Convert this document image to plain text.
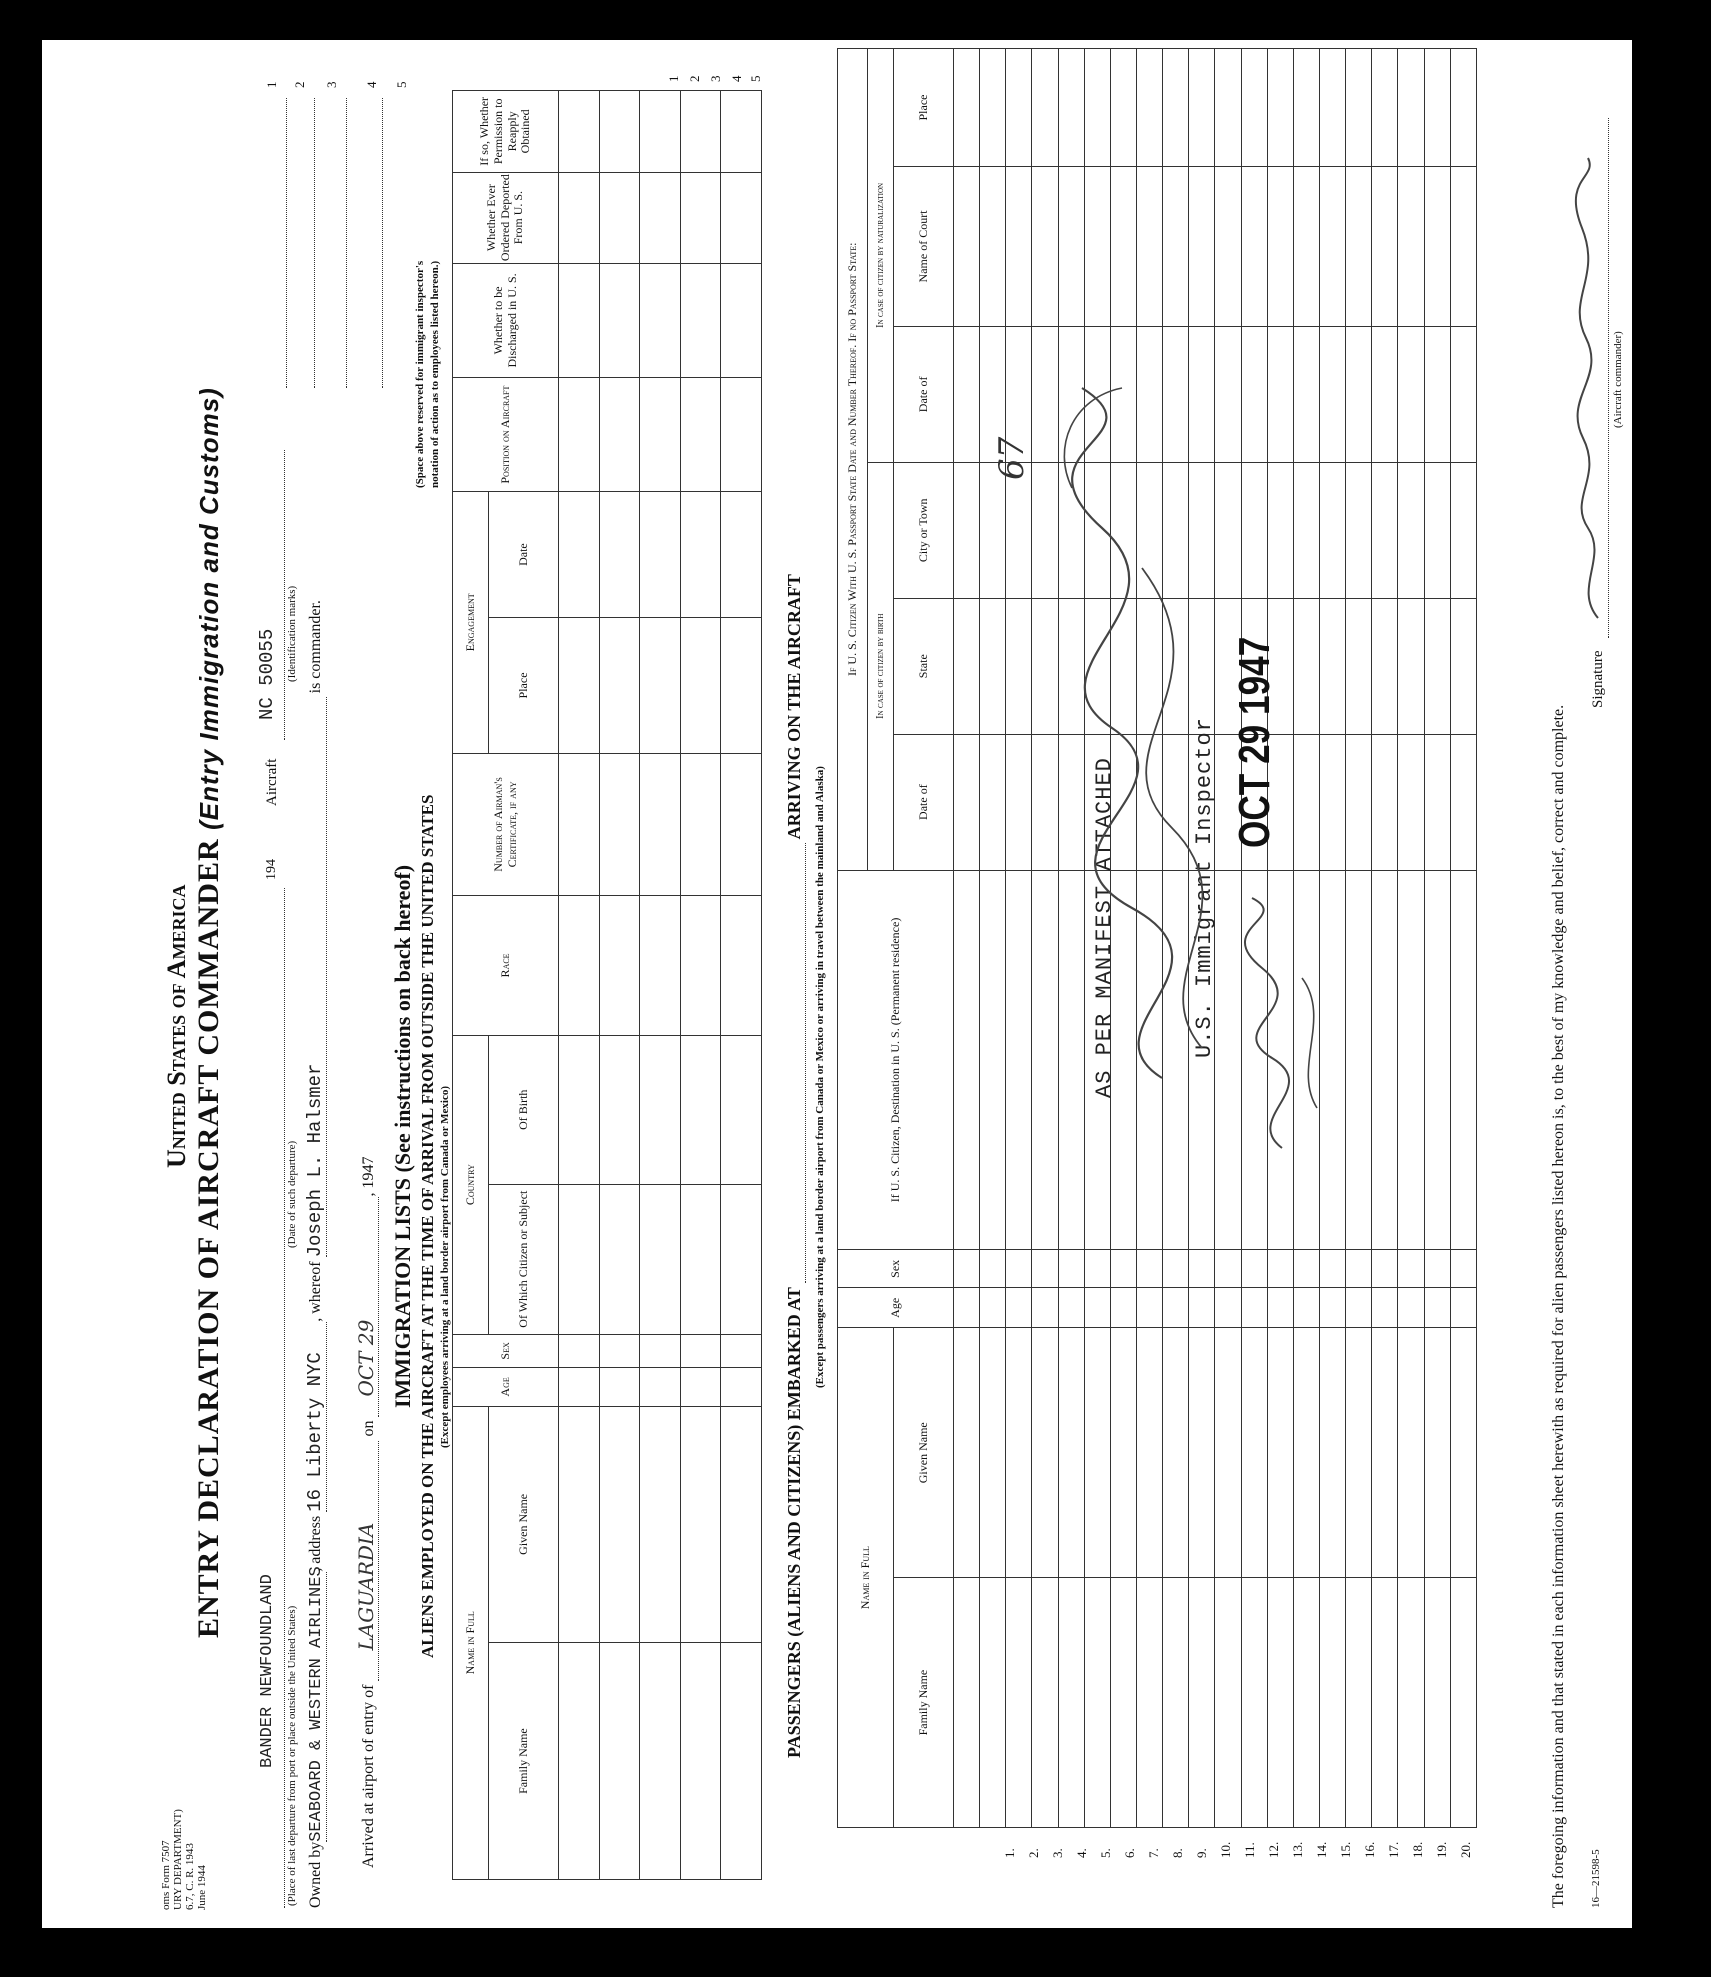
oms Form 7507 URY DEPARTMENT) 6.7, C. R. 1943 June 1944
United States of America ENTRY DECLARATION OF AIRCRAFT COMMANDER (Entry Immigration and Customs)
BANDER NEWFOUNDLAND
194
Aircraft
NC 50055
(Place of last departure from port or place outside the United States)
(Date of such departure)
(Identification marks)
Owned bySEABOARD & WESTERN AIRLINES, address 16 Liberty NYC, whereof Joseph L. Halsmer is commander.
Arrived at airport of entry of LAGUARDIA on OCT 29, 1947
1 2 3 4 5
IMMIGRATION LISTS (See instructions on back hereof) ALIENS EMPLOYED ON THE AIRCRAFT AT THE TIME OF ARRIVAL FROM OUTSIDE THE UNITED STATES (Except employees arriving at a land border airport from Canada or Mexico)
(Space above reserved for immigrant inspector's notation of action as to employees listed hereon.)
Name in Full		Age	Sex	Country		Race	Number of Airman's Certificate, if any	Engagement		Position on Aircraft	Whether to be Discharged in U. S.	Whether Ever Ordered Deported From U. S.	If so, Whether Permission to Reapply Obtained
Family Name	Given Name			Of Which Citizen or Subject	Of Birth			Place	Date				

1 2 3 4 5
PASSENGERS (ALIENS AND CITIZENS) EMBARKED AT   ARRIVING ON THE AIRCRAFT
(Except passengers arriving at a land border airport from Canada or Mexico or arriving in travel between the mainland and Alaska)
Name in Full		Age	Sex	If U. S. Citizen, Destination in U. S. (Permanent residence)	If U. S. Citizen With U. S. Passport State Date and Number Thereof. If no Passport State:					
					In case of citizen by birth			In case of citizen by naturalization		
Family Name	Given Name				Date of	State	City or Town	Date of	Name of Court	Place

1. 2. 3. 4. 5. 6. 7. 8. 9. 10. 11. 12. 13. 14. 15. 16. 17. 18. 19. 20.
AS PER MANIFEST ATTACHED	U.S. Immigrant Inspector OCT 29 1947
67
The foregoing information and that stated in each information sheet herewith as required for alien passengers listed hereon is, to the best of my knowledge and belief, correct and complete. 16—21598-5
Signature
(Aircraft commander)
